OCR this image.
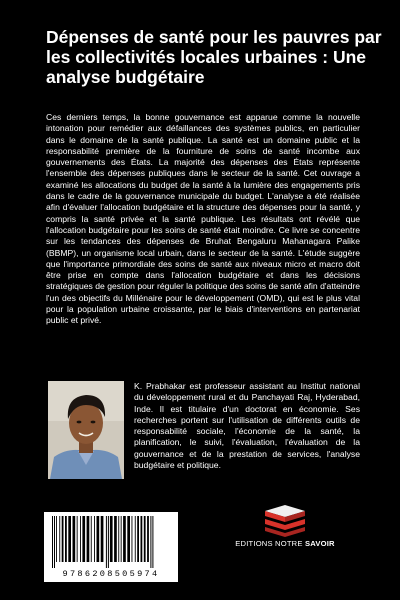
Dépenses de santé pour les pauvres par les collectivités locales urbaines : Une analyse budgétaire

Ces derniers temps, la bonne gouvernance est apparue comme la nouvelle intonation pour remédier aux défaillances des systèmes publics, en particulier dans le domaine de la santé publique. La santé est un domaine public et la responsabilité première de la fourniture de soins de santé incombe aux gouvernements des États. La majorité des dépenses des États représente l'ensemble des dépenses publiques dans le secteur de la santé. Cet ouvrage a examiné les allocations du budget de la santé à la lumière des engagements pris dans le cadre de la gouvernance municipale du budget. L'analyse a été réalisée afin d'évaluer l'allocation budgétaire et la structure des dépenses pour la santé, y compris la santé privée et la santé publique. Les résultats ont révélé que l'allocation budgétaire pour les soins de santé était moindre. Ce livre se concentre sur les tendances des dépenses de Bruhat Bengaluru Mahanagara Palike (BBMP), un organisme local urbain, dans le secteur de la santé. L'étude suggère que l'importance primordiale des soins de santé aux niveaux micro et macro doit être prise en compte dans l'allocation budgétaire et dans les décisions stratégiques de gestion pour réguler la politique des soins de santé afin d'atteindre l'un des objectifs du Millénaire pour le développement (OMD), qui est le plus vital pour la population urbaine croissante, par le biais d'interventions en partenariat public et privé.

K. Prabhakar est professeur assistant au Institut national du développement rural et du Panchayati Raj, Hyderabad, Inde. Il est titulaire d'un doctorat en économie. Ses recherches portent sur l'utilisation de différents outils de responsabilité sociale, l'économie de la santé, la planification, le suivi, l'évaluation, l'évaluation de la gouvernance et de la prestation de services, l'analyse budgétaire et politique.

EDITIONS NOTRE SAVOIR
9786208505974
